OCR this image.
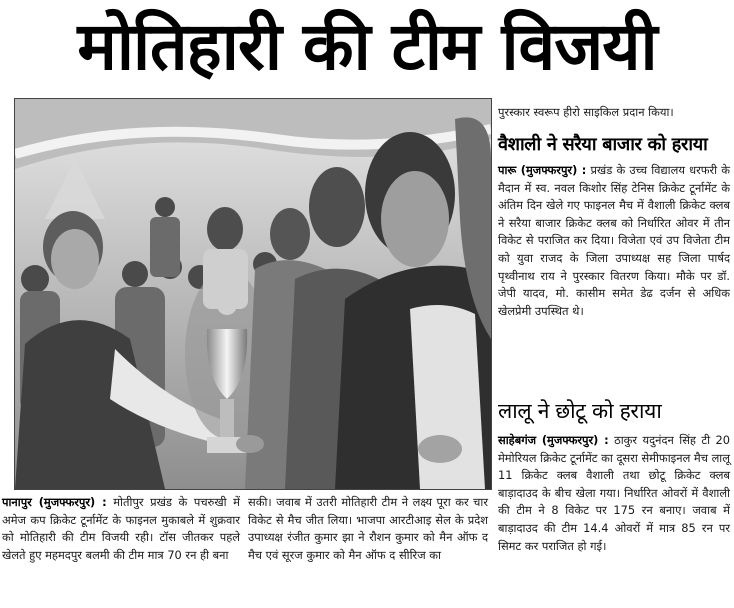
मोतिहारी की टीम विजयी

पुरस्कार स्वरूप हीरो साइकिल प्रदान किया।

वैशाली ने सरैया बाजार को हराया

पारू (मुजफ्फरपुर) : प्रखंड के उच्च विद्यालय धरफरी के मैदान में स्व. नवल किशोर सिंह टेनिस क्रिकेट टूर्नामेंट के अंतिम दिन खेले गए फाइनल मैच में वैशाली क्रिकेट क्लब ने सरैया बाजार क्रिकेट क्लब को निर्धारित ओवर में तीन विकेट से पराजित कर दिया। विजेता एवं उप विजेता टीम को युवा राजद के जिला उपाध्यक्ष सह जिला पार्षद पृथ्वीनाथ राय ने पुरस्कार वितरण किया। मौके पर डॉ. जेपी यादव, मो. कासीम समेत डेढ दर्जन से अधिक खेलप्रेमी उपस्थित थे।

लालू ने छोटू को हराया

साहेबगंज (मुजफ्फरपुर) : ठाकुर यदुनंदन सिंह टी 20 मेमोरियल क्रिकेट टूर्नामेंट का दूसरा सेमीफाइनल मैच लालू 11 क्रिकेट क्लब वैशाली तथा छोटू क्रिकेट क्लब बाड़ादाउद के बीच खेला गया। निर्धारित ओवरों में वैशाली की टीम ने 8 विकेट पर 175 रन बनाए। जवाब में बाड़ादाउद की टीम 14.4 ओवरों में मात्र 85 रन पर सिमट कर पराजित हो गई।

पानापुर (मुजफ्फरपुर) : मोतीपुर प्रखंड के पचरुखी में अमेज कप क्रिकेट टूर्नामेंट के फाइनल मुकाबले में शुक्रवार को मोतिहारी की टीम विजयी रही। टॉस जीतकर पहले खेलते हुए महमदपुर बलमी की टीम मात्र 70 रन ही बना

सकी। जवाब में उतरी मोतिहारी टीम ने लक्ष्य पूरा कर चार विकेट से मैच जीत लिया। भाजपा आरटीआइ सेल के प्रदेश उपाध्यक्ष रंजीत कुमार झा ने रौशन कुमार को मैन ऑफ द मैच एवं सूरज कुमार को मैन ऑफ द सीरिज का
